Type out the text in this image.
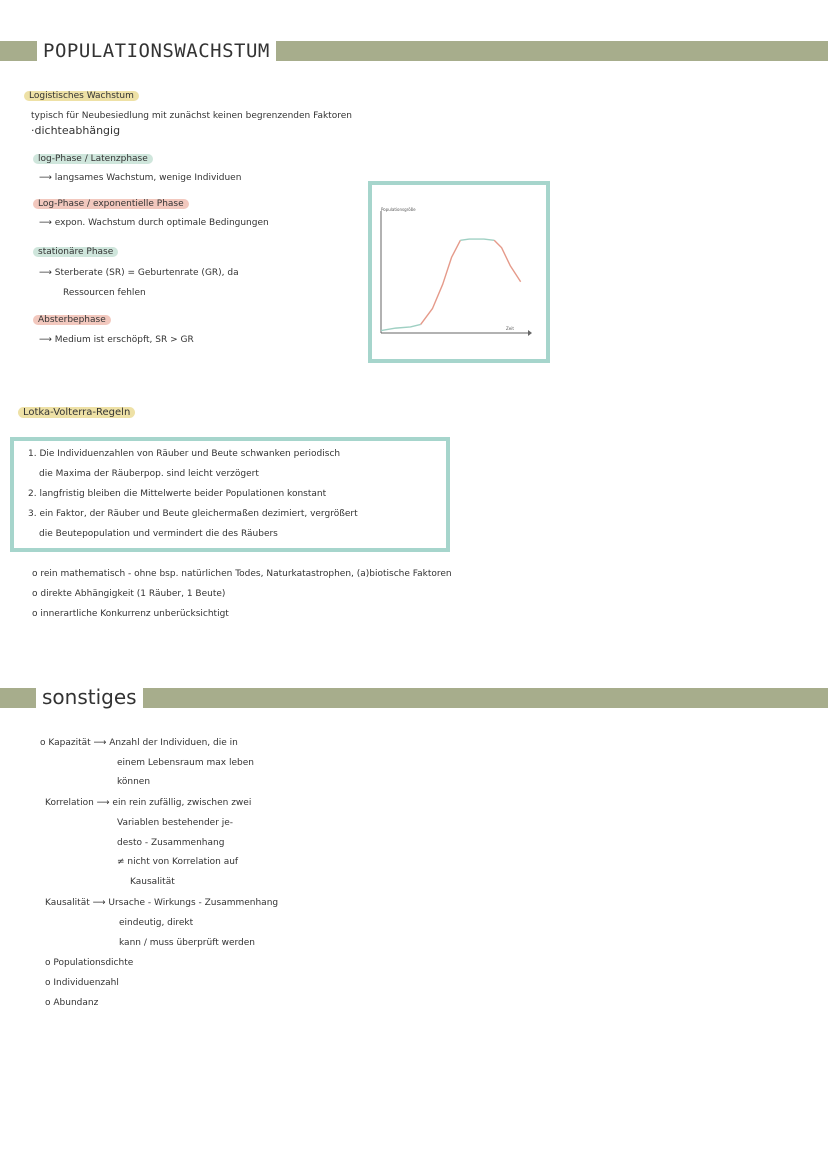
POPULATIONSWACHSTUM
Logistisches Wachstum
typisch für Neubesiedlung mit zunächst keinen begrenzenden Faktoren
·dichteabhängig
log-Phase / Latenzphase
⟶ langsames Wachstum, wenige Individuen
Log-Phase / exponentielle Phase
⟶ expon. Wachstum durch optimale Bedingungen
stationäre Phase
⟶ Sterberate (SR) = Geburtenrate (GR), da
Ressourcen fehlen
Absterbephase
⟶ Medium ist erschöpft, SR > GR
Populationsgröße
Zeit
Lotka-Volterra-Regeln
1. Die Individuenzahlen von Räuber und Beute schwanken periodisch
die Maxima der Räuberpop. sind leicht verzögert
2. langfristig bleiben die Mittelwerte beider Populationen konstant
3. ein Faktor, der Räuber und Beute gleichermaßen dezimiert, vergrößert
die Beutepopulation und vermindert die des Räubers
o rein mathematisch - ohne bsp. natürlichen Todes, Naturkatastrophen, (a)biotische Faktoren
o direkte Abhängigkeit (1 Räuber, 1 Beute)
o innerartliche Konkurrenz unberücksichtigt
sonstiges
o Kapazität ⟶ Anzahl der Individuen, die in
einem Lebensraum max leben
können
Korrelation ⟶ ein rein zufällig, zwischen zwei
Variablen bestehender je-
desto - Zusammenhang
≠ nicht von Korrelation auf
Kausalität
Kausalität ⟶ Ursache - Wirkungs - Zusammenhang
eindeutig, direkt
kann / muss überprüft werden
o Populationsdichte
o Individuenzahl
o Abundanz
